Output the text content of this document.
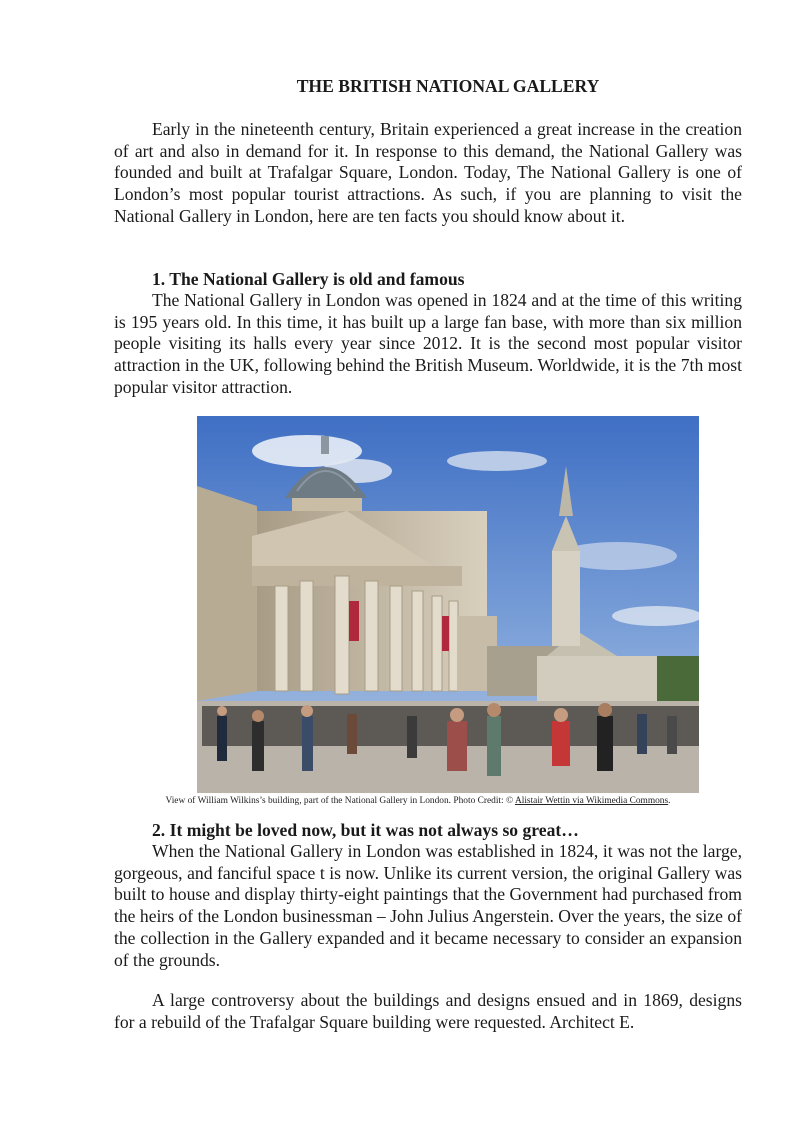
THE BRITISH NATIONAL GALLERY

Early in the nineteenth century, Britain experienced a great increase in the creation of art and also in demand for it. In response to this demand, the National Gallery was founded and built at Trafalgar Square, London. Today, The National Gallery is one of London’s most popular tourist attractions. As such, if you are planning to visit the National Gallery in London, here are ten facts you should know about it.

1. The National Gallery is old and famous

The National Gallery in London was opened in 1824 and at the time of this writing is 195 years old. In this time, it has built up a large fan base, with more than six million people visiting its halls every year since 2012. It is the second most popular visitor attraction in the UK, following behind the British Museum. Worldwide, it is the 7th most popular visitor attraction.

View of William Wilkins’s building, part of the National Gallery in London. Photo Credit: © Alistair Wettin via Wikimedia Commons.
2. It might be loved now, but it was not always so great…

When the National Gallery in London was established in 1824, it was not the large, gorgeous, and fanciful space t is now. Unlike its current version, the original Gallery was built to house and display thirty-eight paintings that the Government had purchased from the heirs of the London businessman – John Julius Angerstein. Over the years, the size of the collection in the Gallery expanded and it became necessary to consider an expansion of the grounds.

A large controversy about the buildings and designs ensued and in 1869, designs for a rebuild of the Trafalgar Square building were requested. Architect E.
